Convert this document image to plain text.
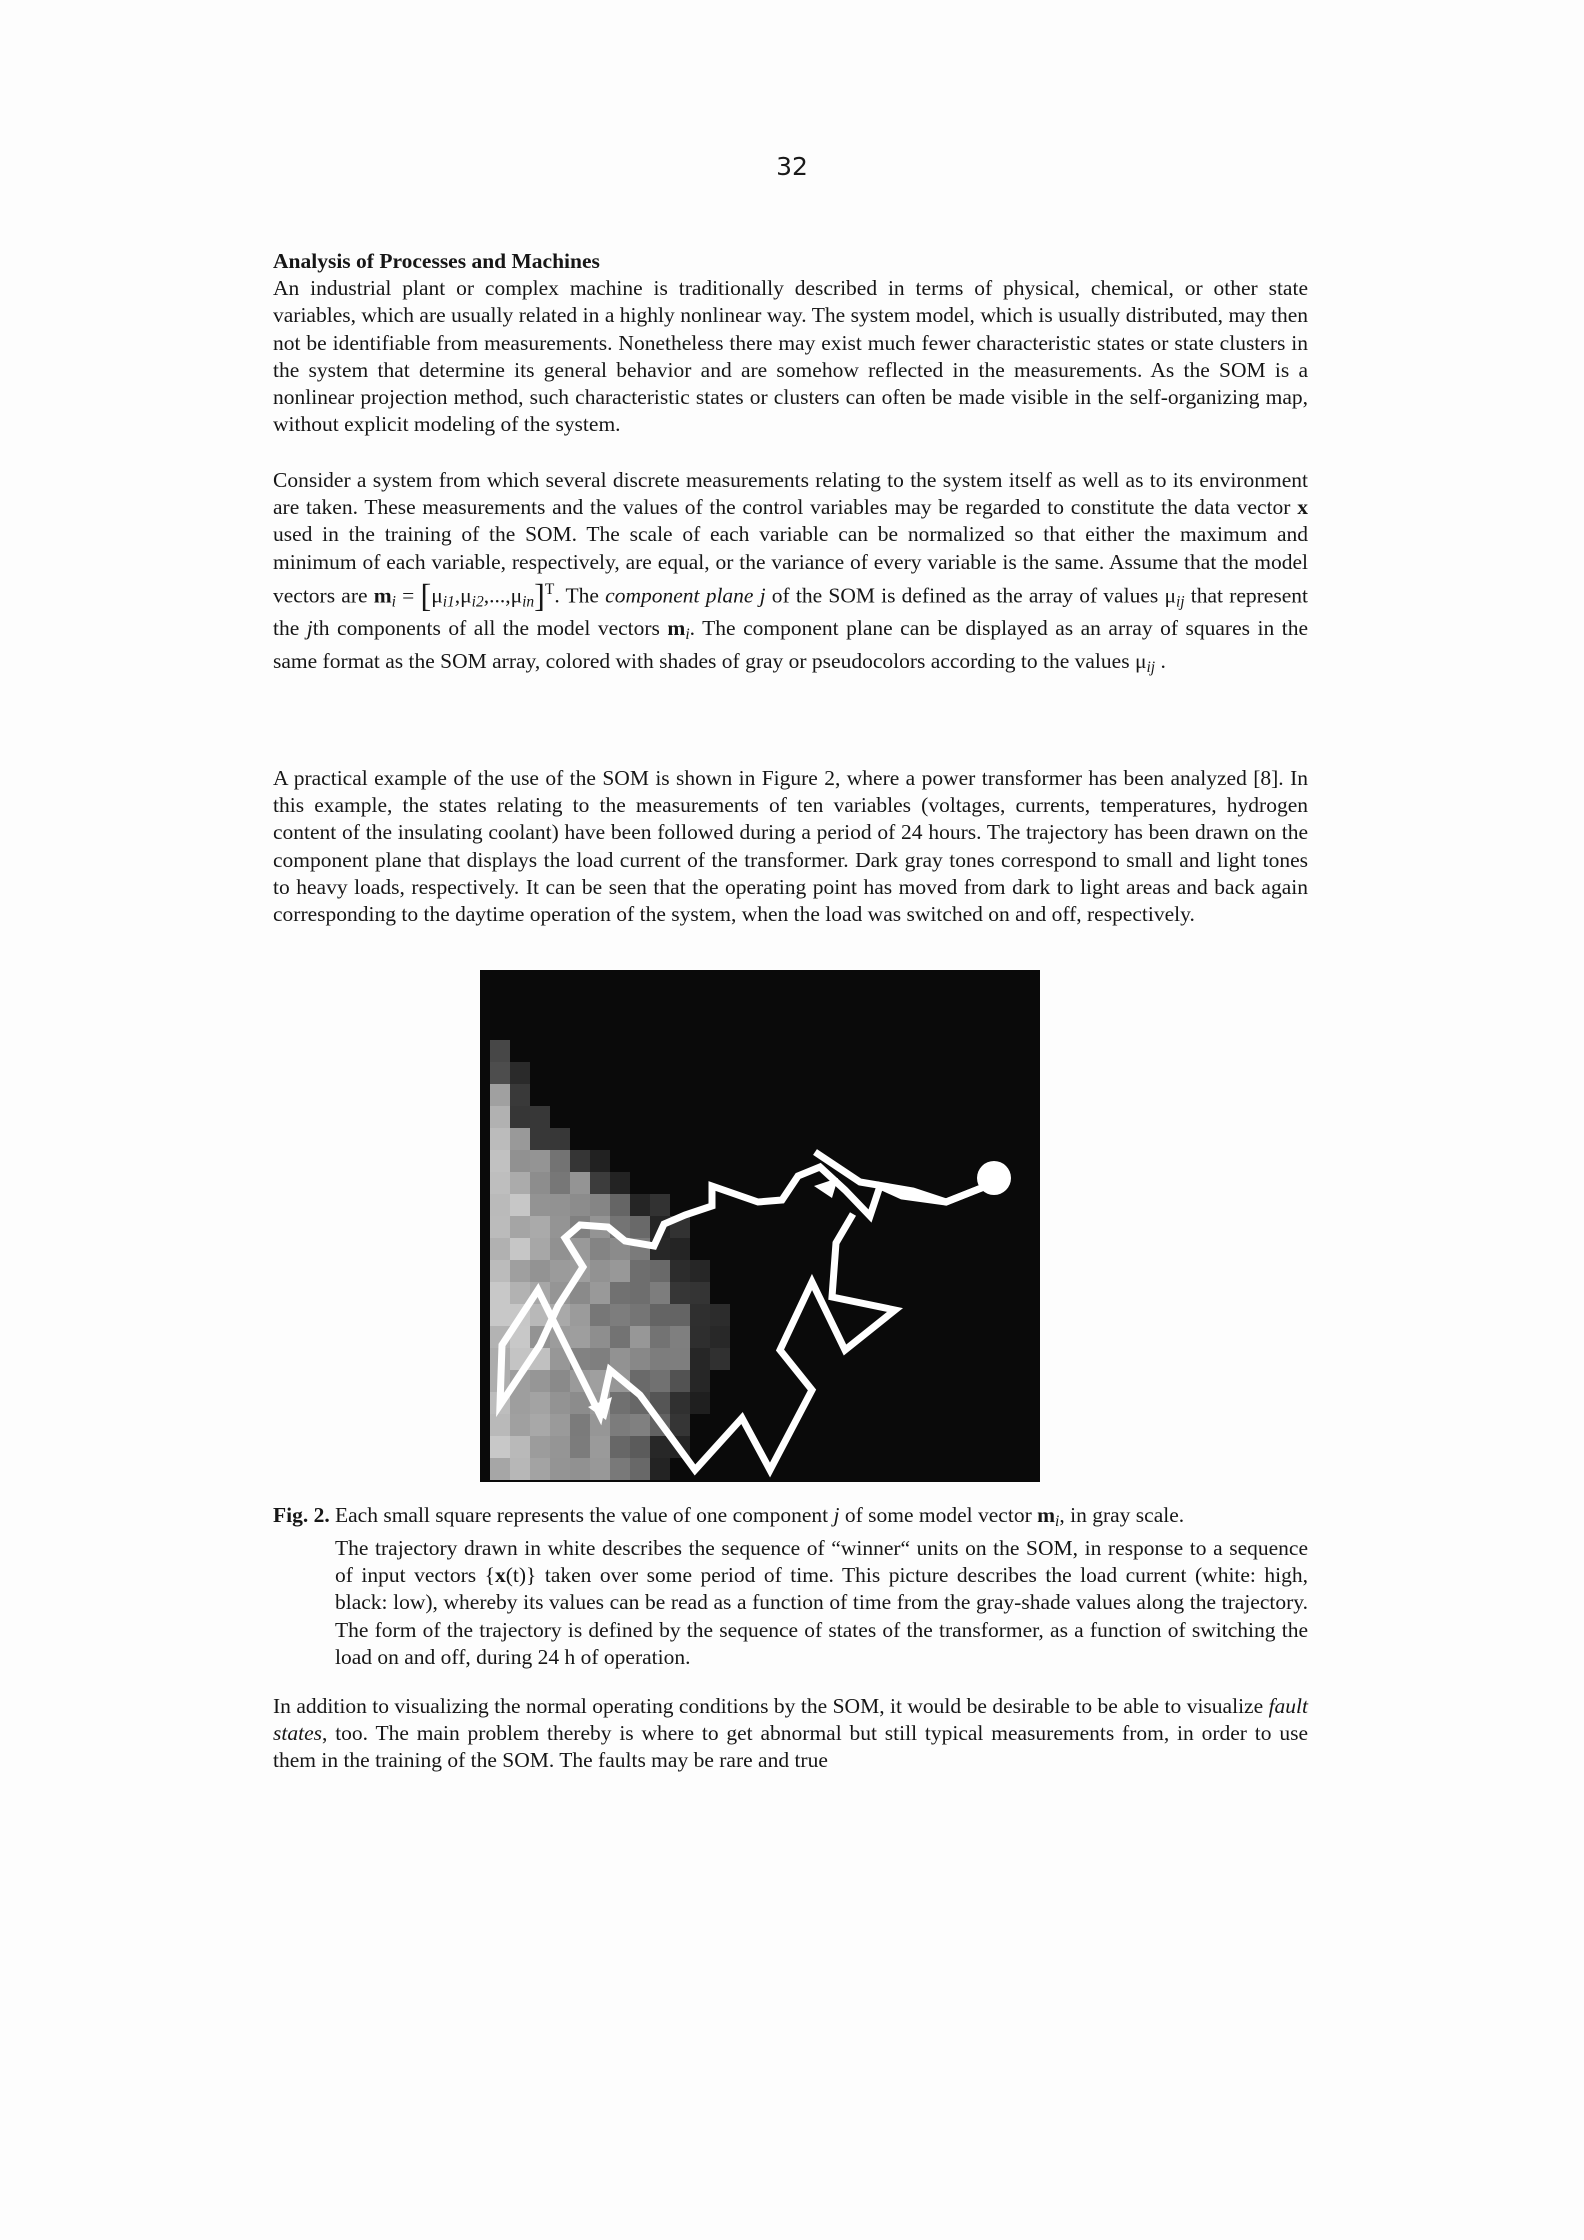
32

Analysis of Processes and Machines
An industrial plant or complex machine is traditionally described in terms of physical, chemical, or other state variables, which are usually related in a highly nonlinear way. The system model, which is usually distributed, may then not be identifiable from measurements. Nonetheless there may exist much fewer characteristic states or state clusters in the system that determine its general behavior and are somehow reflected in the measurements. As the SOM is a nonlinear projection method, such characteristic states or clusters can often be made visible in the self-organizing map, without explicit modeling of the system.

Consider a system from which several discrete measurements relating to the system itself as well as to its environment are taken. These measurements and the values of the control variables may be regarded to constitute the data vector x used in the training of the SOM. The scale of each variable can be normalized so that either the maximum and minimum of each variable, respectively, are equal, or the variance of every variable is the same. Assume that the model vectors are $m_i = [\mu_{i1},\mu_{i2},...,\mu_{in}]^T$. The component plane j of the SOM is defined as the array of values $\mu_{ij}$ that represent the jth components of all the model vectors $m_i$. The component plane can be displayed as an array of squares in the same format as the SOM array, colored with shades of gray or pseudocolors according to the values $\mu_{ij}$ .

A practical example of the use of the SOM is shown in Figure 2, where a power transformer has been analyzed [8]. In this example, the states relating to the measurements of ten variables (voltages, currents, temperatures, hydrogen content of the insulating coolant) have been followed during a period of 24 hours. The trajectory has been drawn on the component plane that displays the load current of the transformer. Dark gray tones correspond to small and light tones to heavy loads, respectively. It can be seen that the operating point has moved from dark to light areas and back again corresponding to the daytime operation of the system, when the load was switched on and off, respectively.

Fig. 2. Each small square represents the value of one component j of some model vector $m_i$, in gray scale.
The trajectory drawn in white describes the sequence of “winner“ units on the SOM, in response to a sequence of input vectors {x(t)} taken over some period of time. This picture describes the load current (white: high, black: low), whereby its values can be read as a function of time from the gray-shade values along the trajectory. The form of the trajectory is defined by the sequence of states of the transformer, as a function of switching the load on and off, during 24 h of operation.

In addition to visualizing the normal operating conditions by the SOM, it would be desirable to be able to visualize fault states, too. The main problem thereby is where to get abnormal but still typical measurements from, in order to use them in the training of the SOM. The faults may be rare and true
